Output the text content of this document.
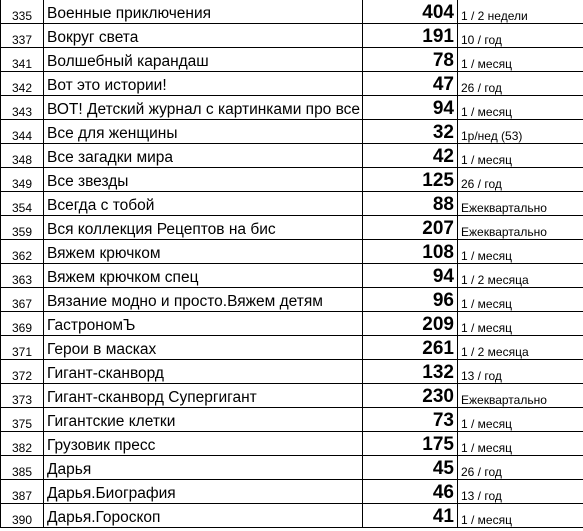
335	Военные приключения	404	1 / 2 недели
337	Вокруг света	191	10 / год
341	Волшебный карандаш	78	1 / месяц
342	Вот это истории!	47	26 / год
343	ВОТ! Детский журнал с картинками про все	94	1 / месяц
344	Все для женщины	32	1р/нед (53)
348	Все загадки мира	42	1 / месяц
349	Все звезды	125	26 / год
354	Всегда с тобой	88	Ежеквартально
359	Вся коллекция Рецептов на бис	207	Ежеквартально
362	Вяжем крючком	108	1 / месяц
363	Вяжем крючком спец	94	1 / 2 месяца
367	Вязание модно и просто.Вяжем детям	96	1 / месяц
369	ГастрономЪ	209	1 / месяц
371	Герои в масках	261	1 / 2 месяца
372	Гигант-сканворд	132	13 / год
373	Гигант-сканворд Супергигант	230	Ежеквартально
375	Гигантские клетки	73	1 / месяц
382	Грузовик пресс	175	1 / месяц
385	Дарья	45	26 / год
387	Дарья.Биография	46	13 / год
390	Дарья.Гороскоп	41	1 / месяц
